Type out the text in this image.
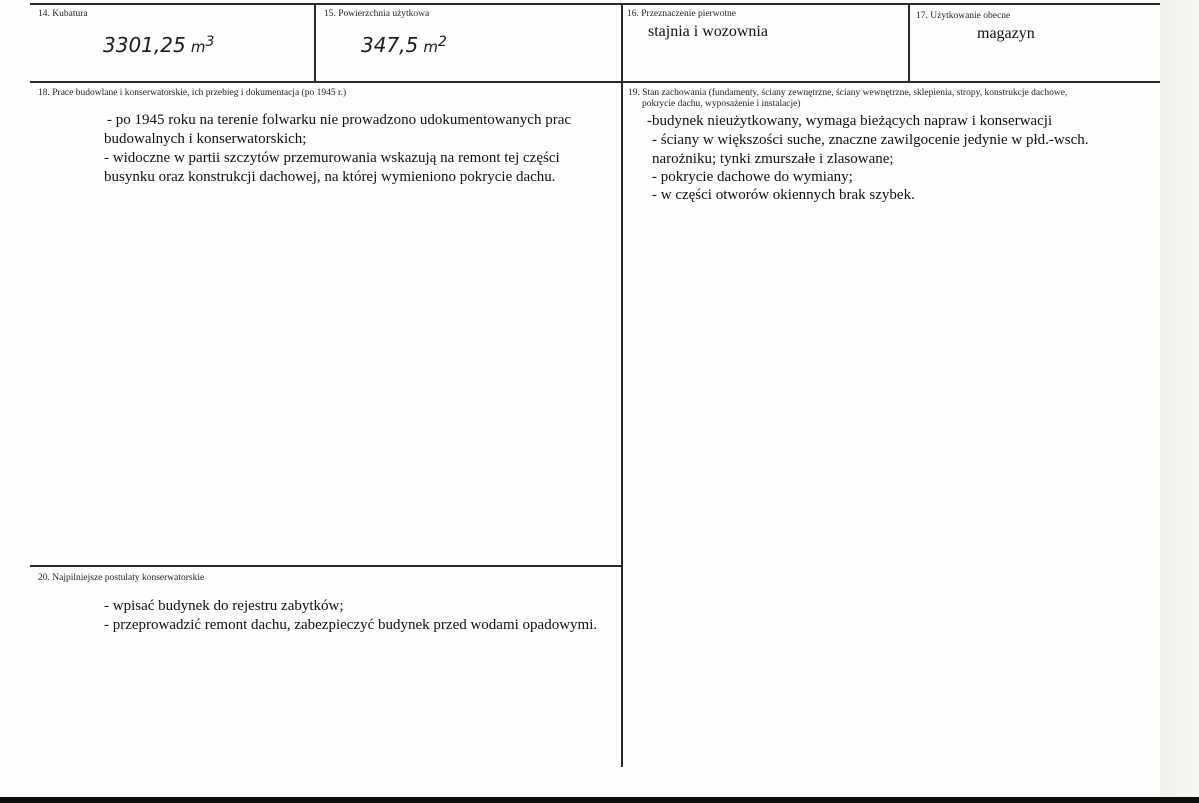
14. Kubatura
3301,25 $m^3$
15. Powierzchnia użytkowa
347,5 $m^2$
16. Przeznaczenie pierwotne
stajnia i wozownia
17. Użytkowanie obecne
magazyn
18. Prace budowlane i konserwatorskie, ich przebieg i dokumentacja (po 1945 r.)
- po 1945 roku na terenie folwarku nie prowadzono udokumentowanych prac
budowalnych i konserwatorskich;
- widoczne w partii szczytów przemurowania wskazują na remont tej części
busynku oraz konstrukcji dachowej, na której wymieniono pokrycie dachu.
19. Stan zachowania (fundamenty, ściany zewnętrzne, ściany wewnętrzne, sklepienia, stropy, konstrukcje dachowe,
pokrycie dachu, wyposażenie i instalacje)
-budynek nieużytkowany, wymaga bieżących napraw i konserwacji
- ściany w większości suche, znaczne zawilgocenie jedynie w płd.-wsch.
narożniku; tynki zmurszałe i zlasowane;
- pokrycie dachowe do wymiany;
- w części otworów okiennych brak szybek.
20. Najpilniejsze postulaty konserwatorskie
- wpisać budynek do rejestru zabytków;
- przeprowadzić remont dachu, zabezpieczyć budynek przed wodami opadowymi.
